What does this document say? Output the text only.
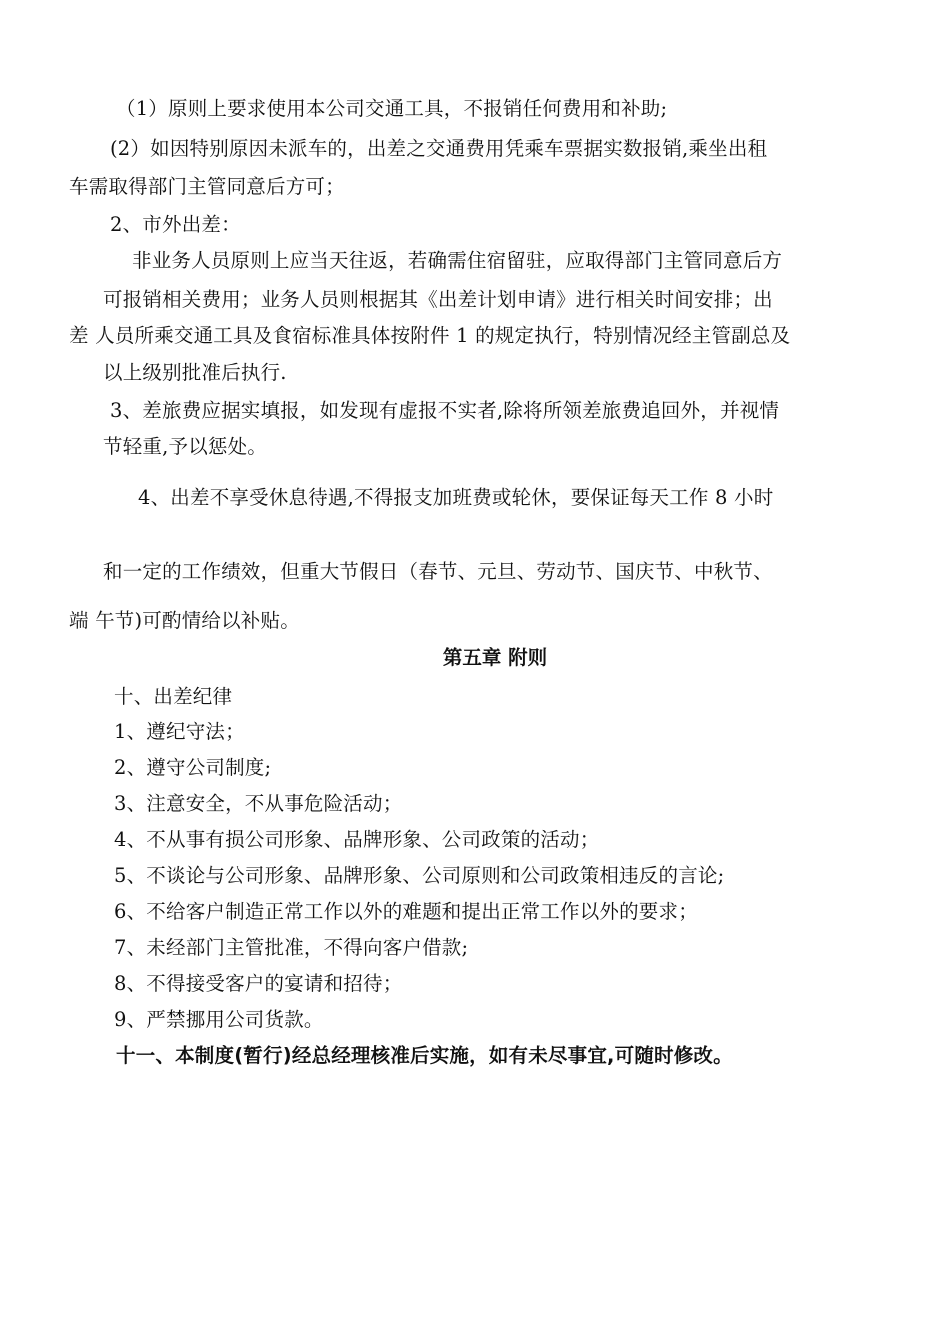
（1）原则上要求使用本公司交通工具，不报销任何费用和补助;
(2）如因特别原因未派车的，出差之交通费用凭乘车票据实数报销,乘坐出租
车需取得部门主管同意后方可；
2、市外出差：
非业务人员原则上应当天往返，若确需住宿留驻，应取得部门主管同意后方
可报销相关费用；业务人员则根据其《出差计划申请》进行相关时间安排；出
差 人员所乘交通工具及食宿标准具体按附件 1 的规定执行，特别情况经主管副总及
以上级别批准后执行.
3、差旅费应据实填报，如发现有虚报不实者,除将所领差旅费追回外，并视情
节轻重,予以惩处。
4、出差不享受休息待遇,不得报支加班费或轮休，要保证每天工作 8 小时
和一定的工作绩效，但重大节假日（春节、元旦、劳动节、国庆节、中秋节、
端 午节)可酌情给以补贴。
第五章 附则
十、出差纪律
1、遵纪守法；
2、遵守公司制度;
3、注意安全，不从事危险活动；
4、不从事有损公司形象、品牌形象、公司政策的活动；
5、不谈论与公司形象、品牌形象、公司原则和公司政策相违反的言论;
6、不给客户制造正常工作以外的难题和提出正常工作以外的要求；
7、未经部门主管批准，不得向客户借款;
8、不得接受客户的宴请和招待；
9、严禁挪用公司货款。
十一、本制度(暂行)经总经理核准后实施，如有未尽事宜,可随时修改。
